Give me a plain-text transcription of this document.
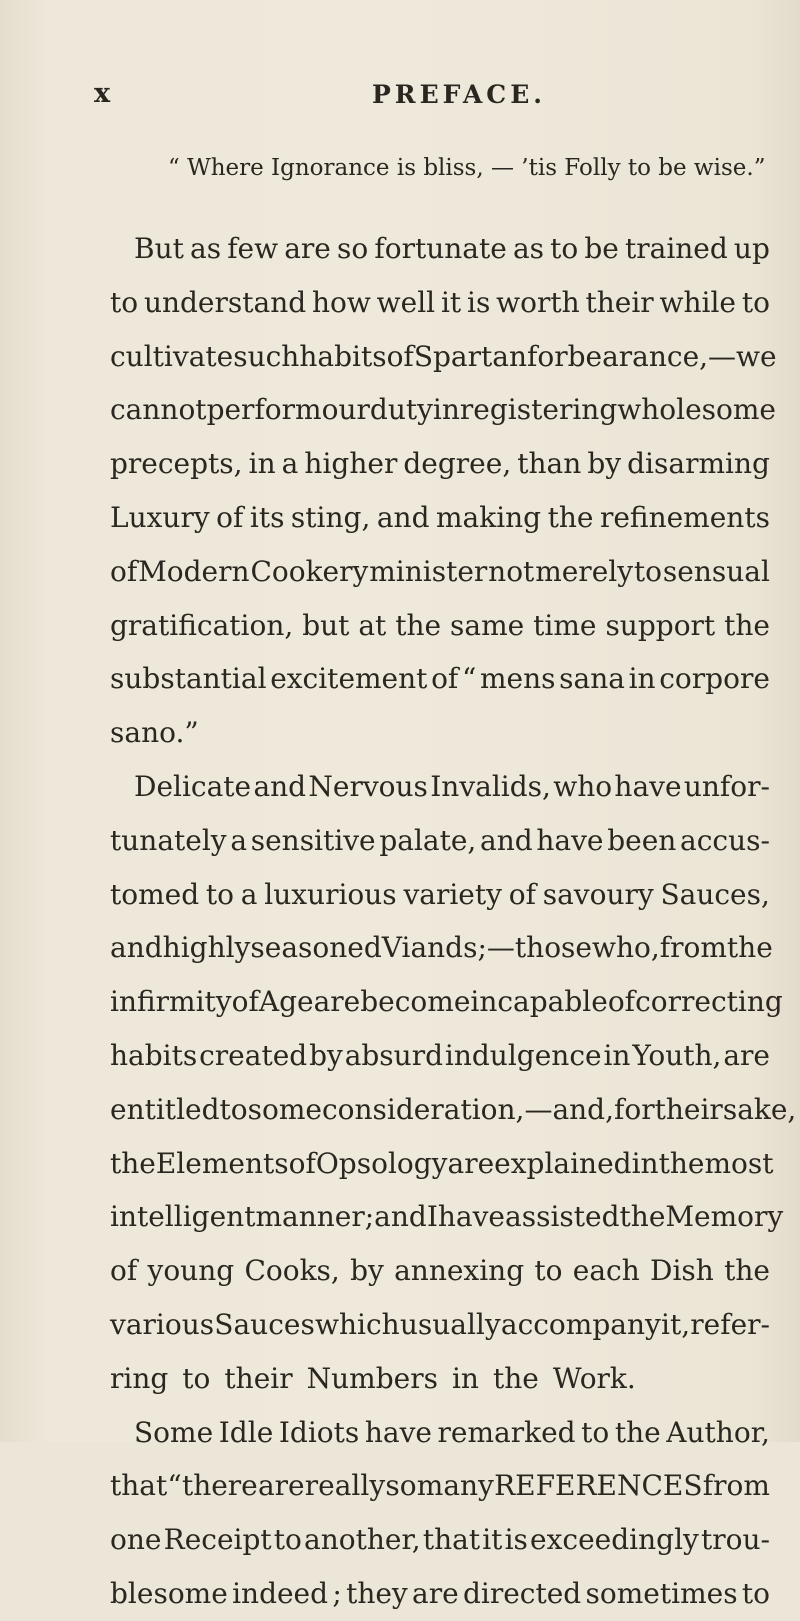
x	PREFACE.
“ Where Ignorance is bliss, — ’tis Folly to be wise.”
But as few are so fortunate as to be trained up
to understand how well it is worth their while to
cultivate such habits of Spartan forbearance, — we
cannot perform our duty in registering wholesome
precepts, in a higher degree, than by disarming
Luxury of its sting, and making the refinements
of Modern Cookery minister not merely to sensual
gratification, but at the same time support the
substantial excitement of “ mens sana in corpore
sano.”
Delicate and Nervous Invalids, who have unfor-
tunately a sensitive palate, and have been accus-
tomed to a luxurious variety of savoury Sauces,
and highly seasoned Viands ; — those who, from the
infirmity of Age are become incapable of correcting
habits created by absurd indulgence in Youth, are
entitled to some consideration, — and, for their sake,
the Elements of Opsology are explained in the most
intelligent manner ; and I have assisted the Memory
of young Cooks, by annexing to each Dish the
various Sauces which usually accompany it, refer-
ring to their Numbers in the Work.
Some Idle Idiots have remarked to the Author,
that “ there are really so many REFERENCES from
one Receipt to another, that it is exceedingly trou-
blesome indeed ; they are directed sometimes to
